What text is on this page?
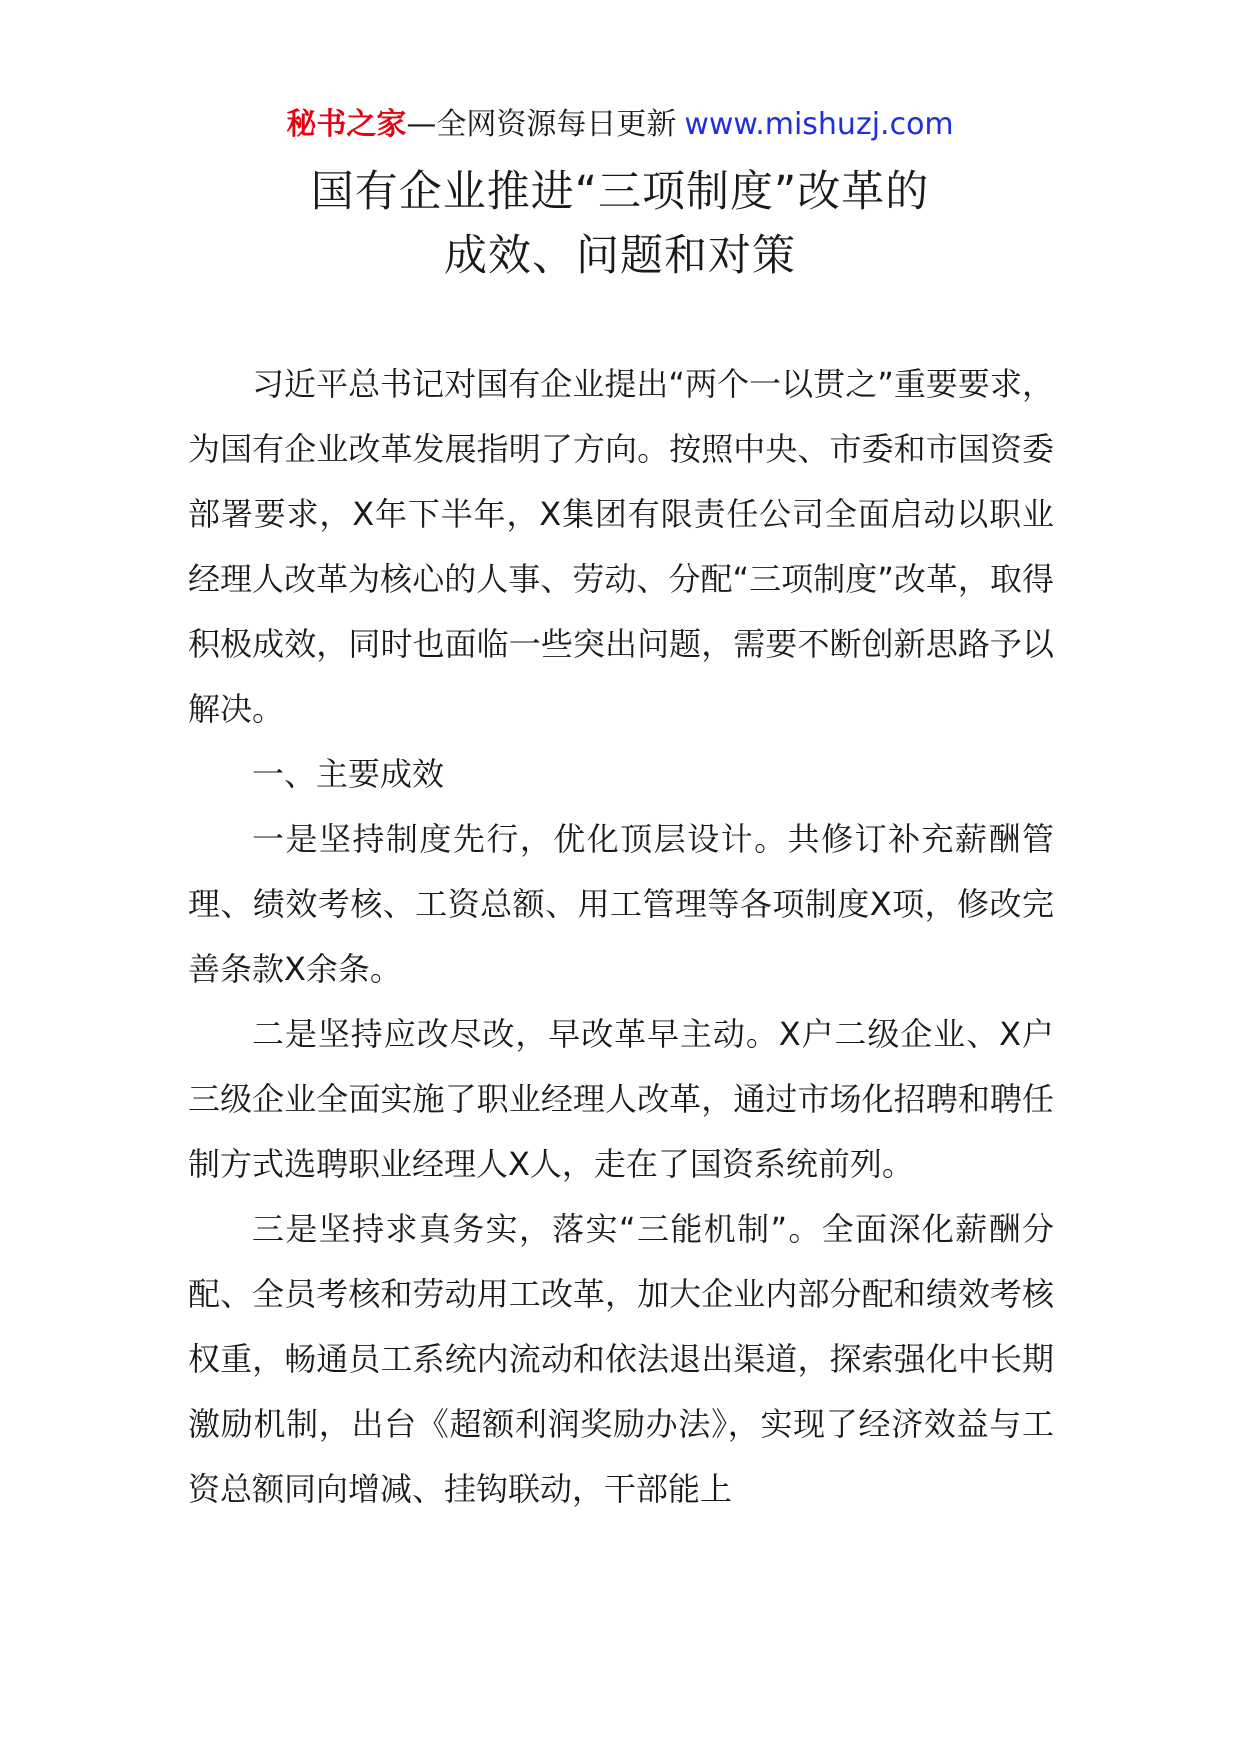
秘书之家—全网资源每日更新 www.mishuzj.com
国有企业推进“三项制度”改革的
成效、问题和对策

习近平总书记对国有企业提出“两个一以贯之”重要要求，为国有企业改革发展指明了方向。按照中央、市委和市国资委部署要求，X年下半年，X集团有限责任公司全面启动以职业经理人改革为核心的人事、劳动、分配“三项制度”改革，取得积极成效，同时也面临一些突出问题，需要不断创新思路予以解决。

一、主要成效

一是坚持制度先行，优化顶层设计。共修订补充薪酬管理、绩效考核、工资总额、用工管理等各项制度X项，修改完善条款X余条。

二是坚持应改尽改，早改革早主动。X户二级企业、X户三级企业全面实施了职业经理人改革，通过市场化招聘和聘任制方式选聘职业经理人X人，走在了国资系统前列。

三是坚持求真务实，落实“三能机制”。全面深化薪酬分配、全员考核和劳动用工改革，加大企业内部分配和绩效考核权重，畅通员工系统内流动和依法退出渠道，探索强化中长期激励机制，出台《超额利润奖励办法》，实现了经济效益与工资总额同向增减、挂钩联动，干部能上
